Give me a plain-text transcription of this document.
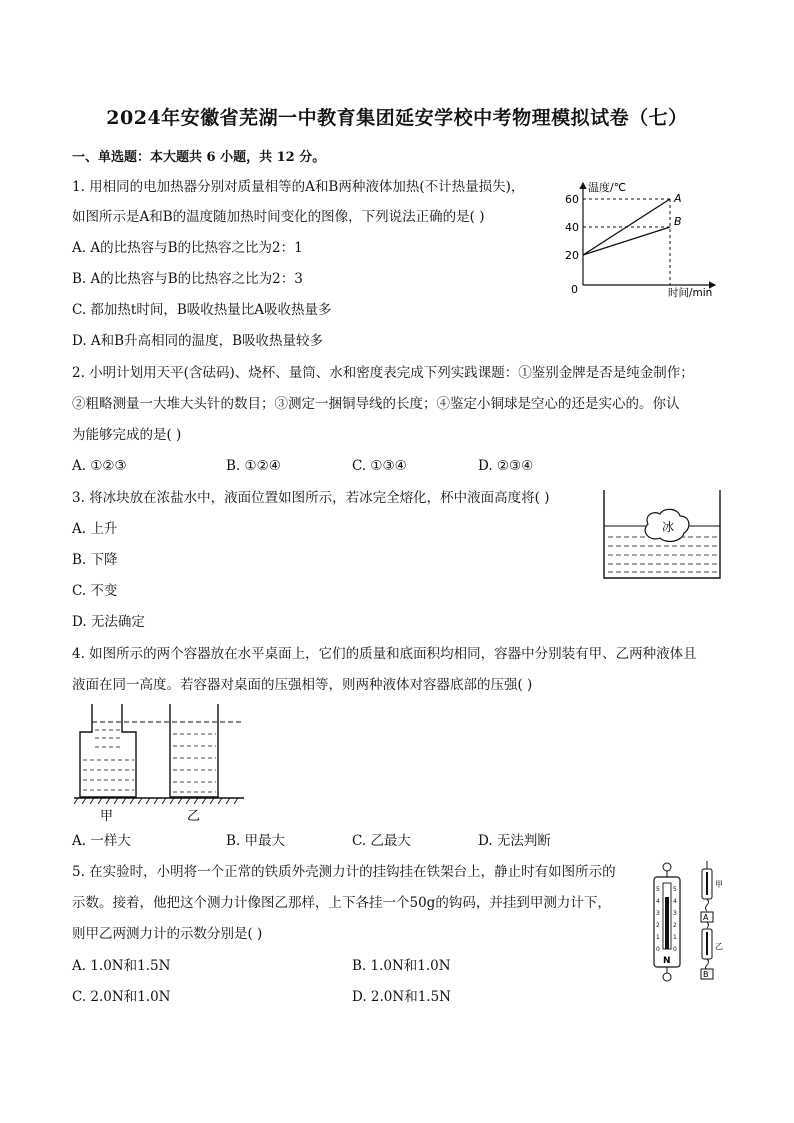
2024年安徽省芜湖一中教育集团延安学校中考物理模拟试卷（七）
一、单选题：本大题共 6 小题，共 12 分。
1. 用相同的电加热器分别对质量相等的A和B两种液体加热(不计热量损失)，
如图所示是A和B的温度随加热时间变化的图像，下列说法正确的是( )
A. A的比热容与B的比热容之比为2：1
B. A的比热容与B的比热容之比为2：3
C. 都加热t时间，B吸收热量比A吸收热量多
D. A和B升高相同的温度，B吸收热量较多
温度/℃
时间/min
60
40
20
0
A
B
2. 小明计划用天平(含砝码)、烧杯、量筒、水和密度表完成下列实践课题：①鉴别金牌是否是纯金制作；
②粗略测量一大堆大头针的数目；③测定一捆铜导线的长度；④鉴定小铜球是空心的还是实心的。你认
为能够完成的是( )
A. ①②③	B. ①②④	C. ①③④	D. ②③④
3. 将冰块放在浓盐水中，液面位置如图所示，若冰完全熔化，杯中液面高度将( )
A. 上升
B. 下降
C. 不变
D. 无法确定
冰
4. 如图所示的两个容器放在水平桌面上，它们的质量和底面积均相同，容器中分别装有甲、乙两种液体且
液面在同一高度。若容器对桌面的压强相等，则两种液体对容器底部的压强( )
甲	乙
A. 一样大	B. 甲最大	C. 乙最大	D. 无法判断
5. 在实验时，小明将一个正常的铁质外壳测力计的挂钩挂在铁架台上，静止时有如图所示的
示数。接着，他把这个测力计像图乙那样，上下各挂一个50g的钩码，并挂到甲测力计下，
则甲乙两测力计的示数分别是( )
A. 1.0N和1.5N	B. 1.0N和1.0N
C. 2.0N和1.0N	D. 2.0N和1.5N
5
4
3
2
1
0
5
4
3
2
1
0
N
甲
A
乙
B
